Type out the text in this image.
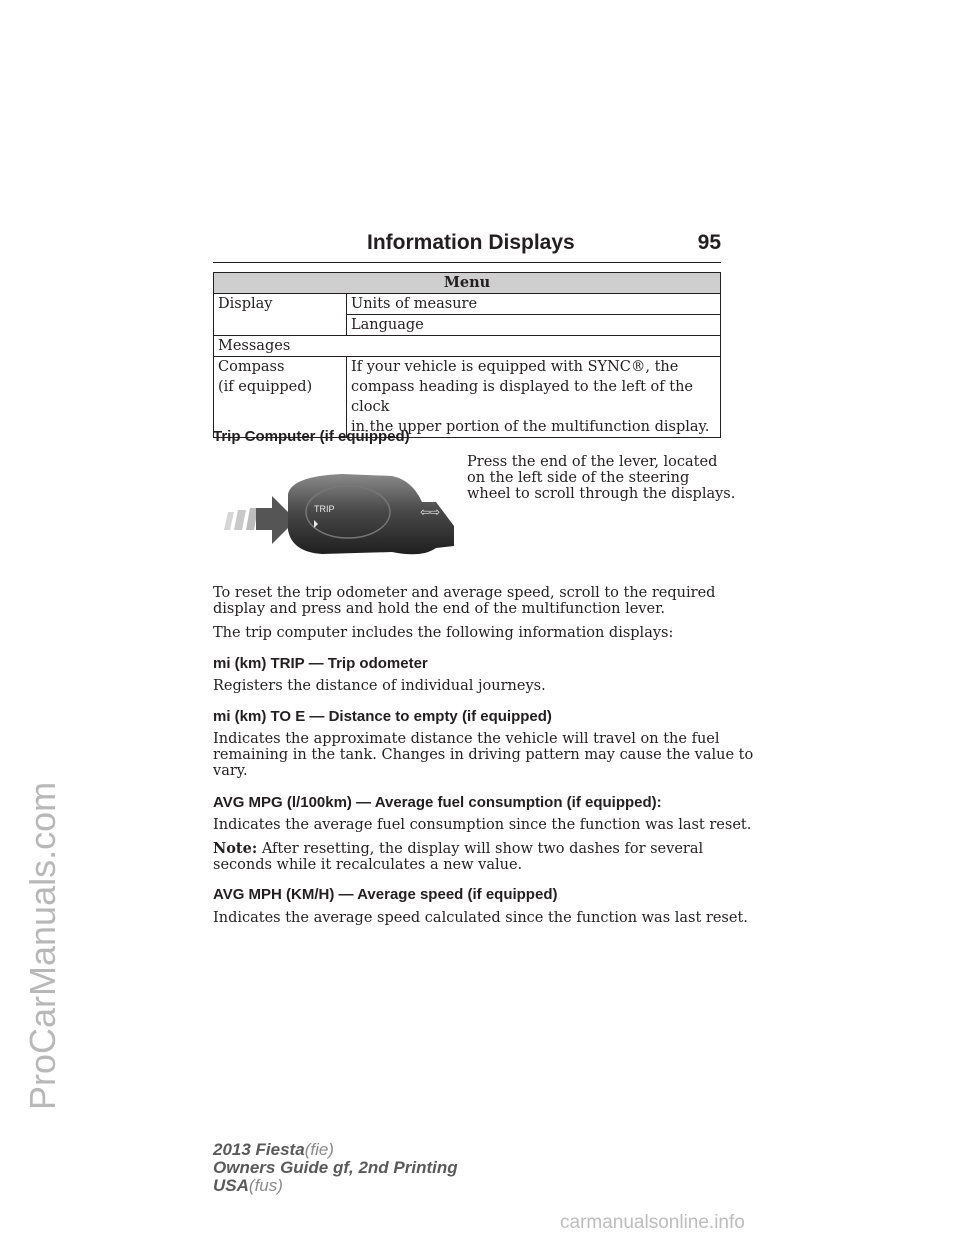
ProCarManuals.com
Information Displays	95
Menu	
Display	Units of measure
	Language
Messages	

Compass
(if equipped)	If your vehicle is equipped with SYNC®, the
compass heading is displayed to the left of the clock
in the upper portion of the multifunction display.
Trip Computer (if equipped)
Press the end of the lever, located
on the left side of the steering
wheel to scroll through the displays.
TRIP	⇦⇨
To reset the trip odometer and average speed, scroll to the required
display and press and hold the end of the multifunction lever.
The trip computer includes the following information displays:
mi (km) TRIP — Trip odometer
Registers the distance of individual journeys.
mi (km) TO E — Distance to empty (if equipped)
Indicates the approximate distance the vehicle will travel on the fuel
remaining in the tank. Changes in driving pattern may cause the value to
vary.
AVG MPG (l/100km) — Average fuel consumption (if equipped):
Indicates the average fuel consumption since the function was last reset.
Note: After resetting, the display will show two dashes for several
seconds while it recalculates a new value.
AVG MPH (KM/H) — Average speed (if equipped)
Indicates the average speed calculated since the function was last reset.
2013 Fiesta(fie)
Owners Guide gf, 2nd Printing
USA(fus)
carmanualsonline.info
